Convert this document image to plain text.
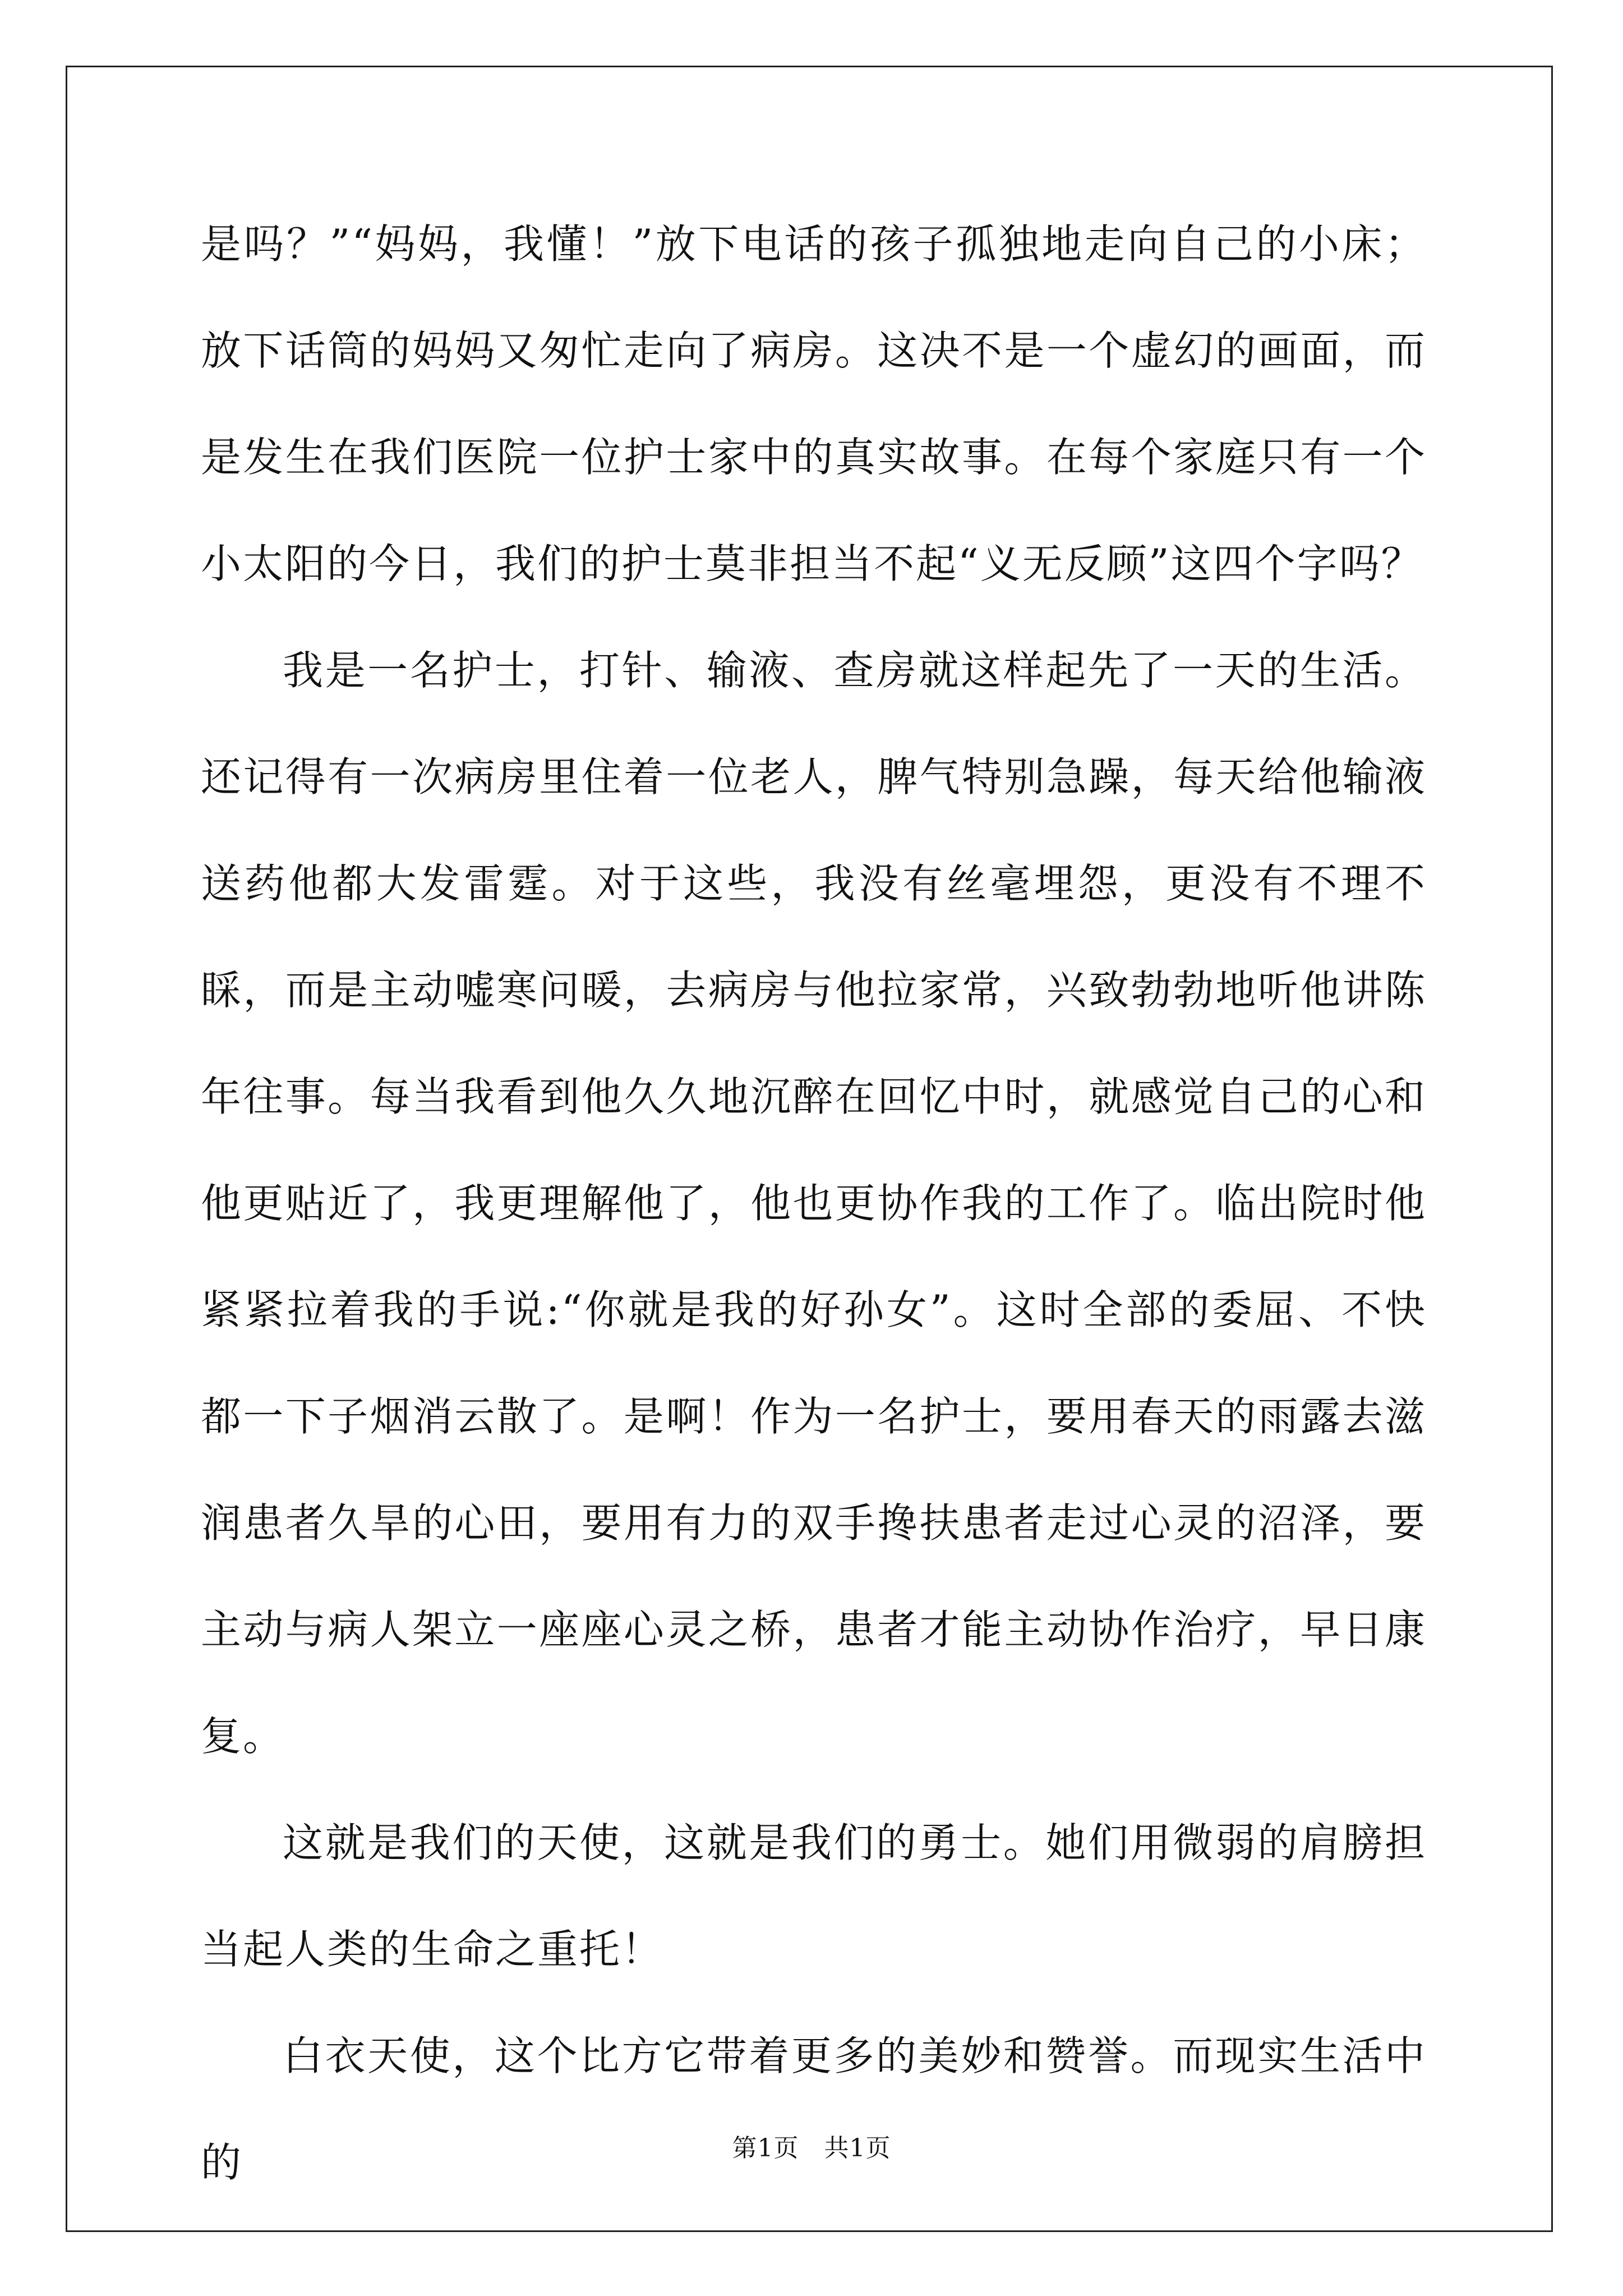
是吗？”“妈妈，我懂！”放下电话的孩子孤独地走向自己的小床；放下话筒的妈妈又匆忙走向了病房。这决不是一个虚幻的画面，而是发生在我们医院一位护士家中的真实故事。在每个家庭只有一个小太阳的今日，我们的护士莫非担当不起“义无反顾”这四个字吗？

我是一名护士，打针、输液、查房就这样起先了一天的生活。还记得有一次病房里住着一位老人，脾气特别急躁，每天给他输液送药他都大发雷霆。对于这些，我没有丝毫埋怨，更没有不理不睬，而是主动嘘寒问暖，去病房与他拉家常，兴致勃勃地听他讲陈年往事。每当我看到他久久地沉醉在回忆中时，就感觉自己的心和他更贴近了，我更理解他了，他也更协作我的工作了。临出院时他紧紧拉着我的手说:“你就是我的好孙女”。这时全部的委屈、不快都一下子烟消云散了。是啊！作为一名护士，要用春天的雨露去滋润患者久旱的心田，要用有力的双手搀扶患者走过心灵的沼泽，要主动与病人架立一座座心灵之桥，患者才能主动协作治疗，早日康复。

这就是我们的天使，这就是我们的勇士。她们用微弱的肩膀担当起人类的生命之重托！

白衣天使，这个比方它带着更多的美妙和赞誉。而现实生活中的	第1页　共1页
